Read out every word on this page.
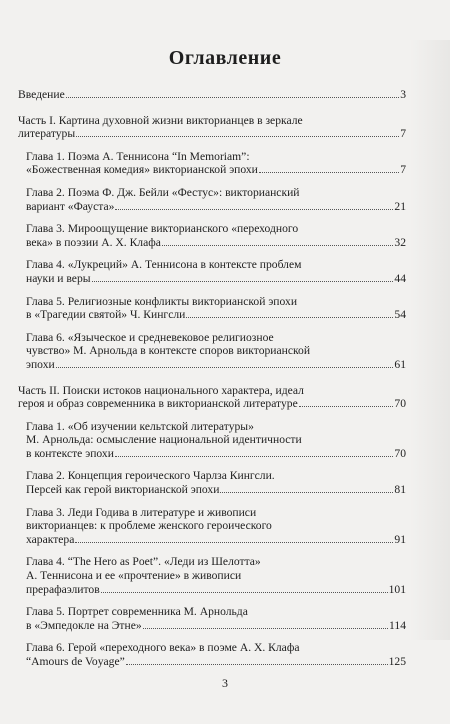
Оглавление
Введение	3
Часть I. Картина духовной жизни викторианцев в зеркале
литературы	7
Глава 1. Поэма А. Теннисона “In Memoriam”:
«Божественная комедия» викторианской эпохи	7
Глава 2. Поэма Ф. Дж. Бейли «Фестус»: викторианский
вариант «Фауста»	21
Глава 3. Мироощущение викторианского «переходного
века» в поэзии А. Х. Клафа	32
Глава 4. «Лукреций» А. Теннисона в контексте проблем
науки и веры	44
Глава 5. Религиозные конфликты викторианской эпохи
в «Трагедии святой» Ч. Кингсли	54
Глава 6. «Языческое и средневековое религиозное
чувство» М. Арнольда в контексте споров викторианской
эпохи	61
Часть II. Поиски истоков национального характера, идеал
героя и образ современника в викторианской литературе	70
Глава 1. «Об изучении кельтской литературы»
М. Арнольда: осмысление национальной идентичности
в контексте эпохи	70
Глава 2. Концепция героического Чарлза Кингсли.
Персей как герой викторианской эпохи	81
Глава 3. Леди Годива в литературе и живописи
викторианцев: к проблеме женского героического
характера	91
Глава 4. “The Hero as Poet”. «Леди из Шелотта»
А. Теннисона и ее «прочтение» в живописи
прерафаэлитов	101
Глава 5. Портрет современника М. Арнольда
в «Эмпедокле на Этне»	114
Глава 6. Герой «переходного века» в поэме А. Х. Клафа
“Amours de Voyage”	125
3
